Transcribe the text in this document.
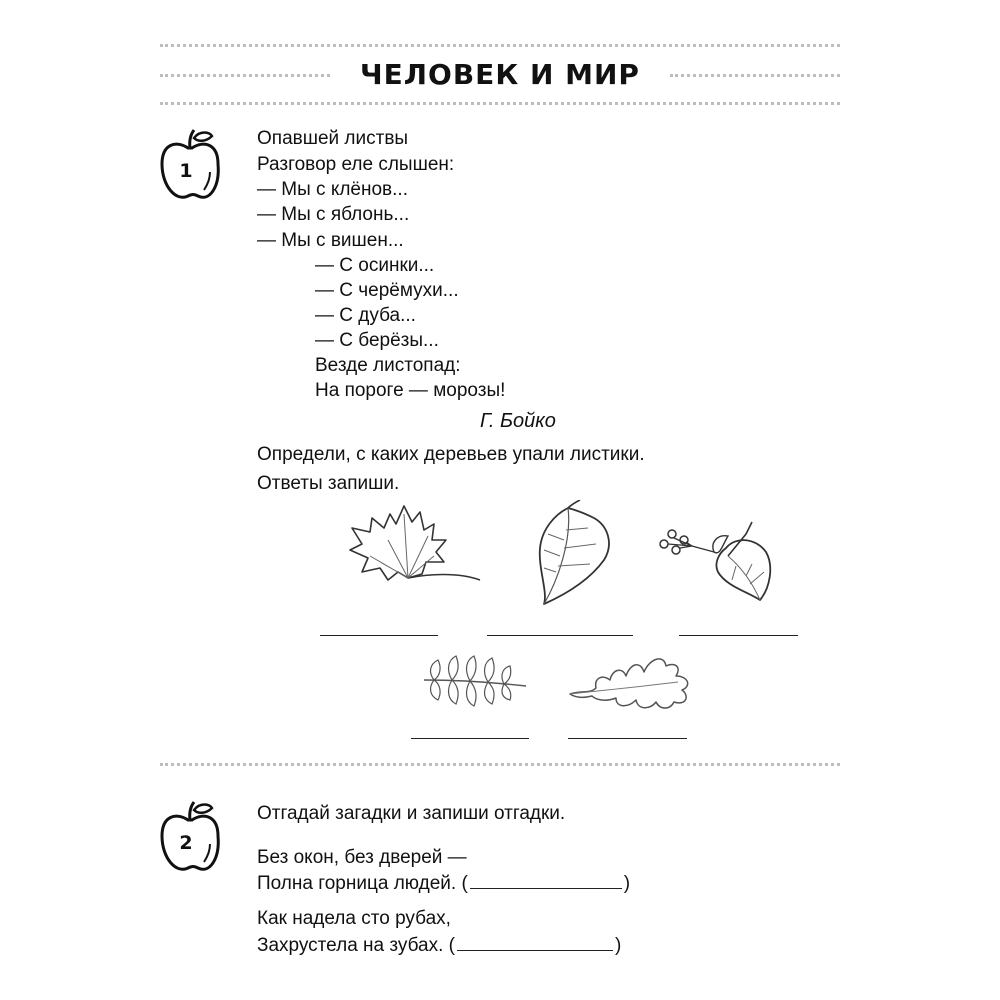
ЧЕЛОВЕК И МИР
1
Опавшей листвы
Разговор еле слышен:
— Мы с клёнов...
— Мы с яблонь...
— Мы с вишен...
— С осинки...
— С черёмухи...
— С дуба...
— С берёзы...
Везде листопад:
На пороге — морозы!
Г. Бойко
Определи, с каких деревьев упали листики.
Ответы запиши.
2
Отгадай загадки и запиши отгадки.
Без окон, без дверей —
Полна горница людей. (	)
Как надела сто рубах,
Захрустела на зубах. (	)
